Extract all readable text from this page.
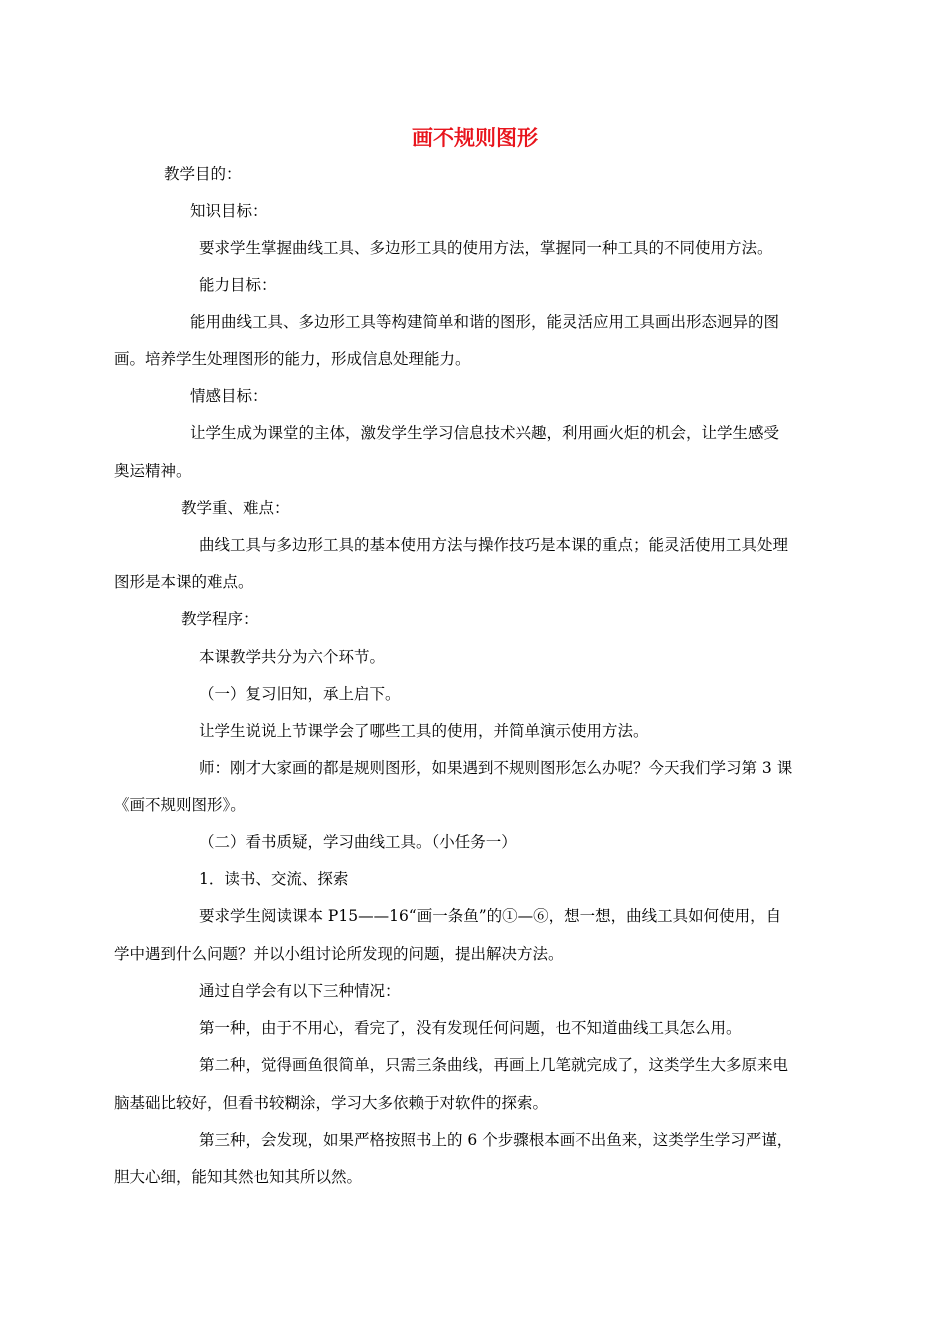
画不规则图形
教学目的：
知识目标：
要求学生掌握曲线工具、多边形工具的使用方法，掌握同一种工具的不同使用方法。
能力目标：
能用曲线工具、多边形工具等构建简单和谐的图形，能灵活应用工具画出形态迥异的图
画。培养学生处理图形的能力，形成信息处理能力。
情感目标：
让学生成为课堂的主体，激发学生学习信息技术兴趣，利用画火炬的机会，让学生感受
奥运精神。
教学重、难点：
曲线工具与多边形工具的基本使用方法与操作技巧是本课的重点；能灵活使用工具处理
图形是本课的难点。
教学程序：
本课教学共分为六个环节。
（一）复习旧知，承上启下。
让学生说说上节课学会了哪些工具的使用，并简单演示使用方法。
师：刚才大家画的都是规则图形，如果遇到不规则图形怎么办呢？今天我们学习第 3 课
《画不规则图形》。
（二）看书质疑，学习曲线工具。（小任务一）
1．读书、交流、探索
要求学生阅读课本 P15——16“画一条鱼”的①—⑥，想一想，曲线工具如何使用，自
学中遇到什么问题？并以小组讨论所发现的问题，提出解决方法。
通过自学会有以下三种情况：
第一种，由于不用心，看完了，没有发现任何问题，也不知道曲线工具怎么用。
第二种，觉得画鱼很简单，只需三条曲线，再画上几笔就完成了，这类学生大多原来电
脑基础比较好，但看书较糊涂，学习大多依赖于对软件的探索。
第三种，会发现，如果严格按照书上的 6 个步骤根本画不出鱼来，这类学生学习严谨，
胆大心细，能知其然也知其所以然。
